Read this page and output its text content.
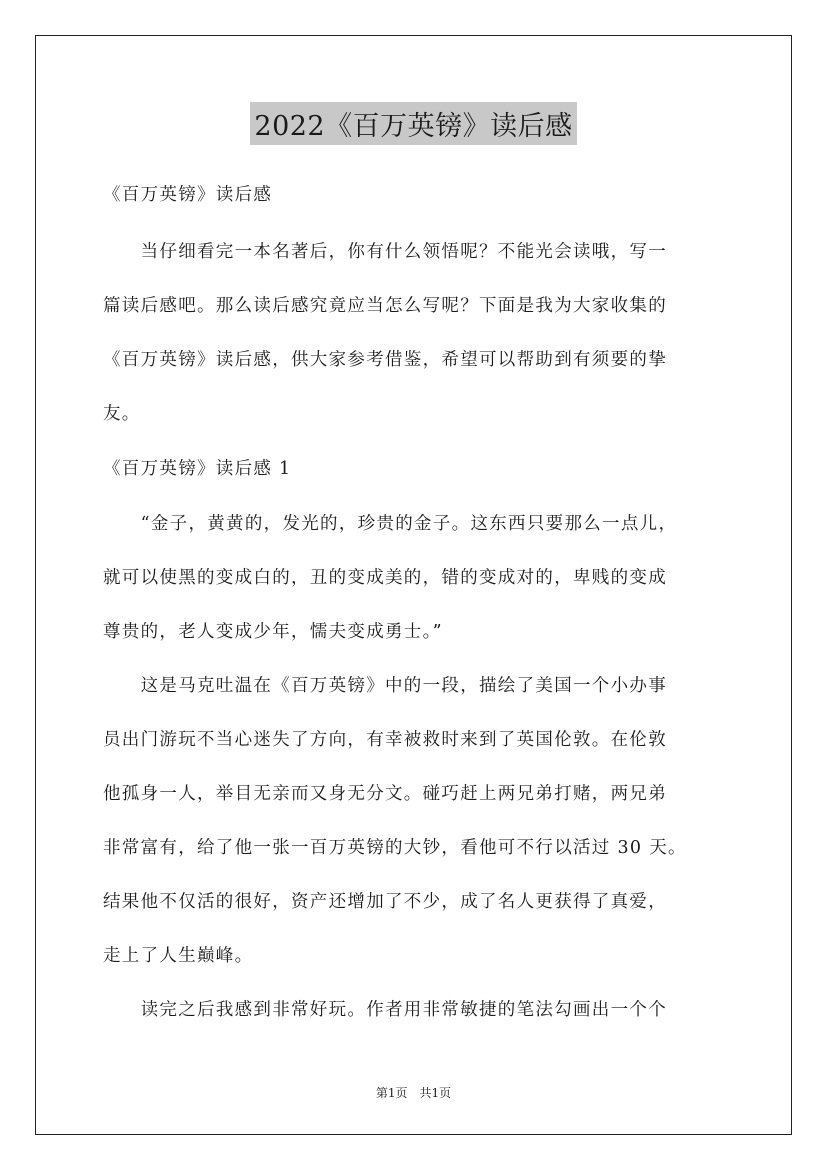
2022《百万英镑》读后感
《百万英镑》读后感
　　当仔细看完一本名著后，你有什么领悟呢？不能光会读哦，写一
篇读后感吧。那么读后感究竟应当怎么写呢？下面是我为大家收集的
《百万英镑》读后感，供大家参考借鉴，希望可以帮助到有须要的挚
友。
《百万英镑》读后感 1
　　“金子，黄黄的，发光的，珍贵的金子。这东西只要那么一点儿，
就可以使黑的变成白的，丑的变成美的，错的变成对的，卑贱的变成
尊贵的，老人变成少年，懦夫变成勇士。”
　　这是马克吐温在《百万英镑》中的一段，描绘了美国一个小办事
员出门游玩不当心迷失了方向，有幸被救时来到了英国伦敦。在伦敦
他孤身一人，举目无亲而又身无分文。碰巧赶上两兄弟打赌，两兄弟
非常富有，给了他一张一百万英镑的大钞，看他可不行以活过 30 天。
结果他不仅活的很好，资产还增加了不少，成了名人更获得了真爱，
走上了人生巅峰。
　　读完之后我感到非常好玩。作者用非常敏捷的笔法勾画出一个个
第1页　共1页
